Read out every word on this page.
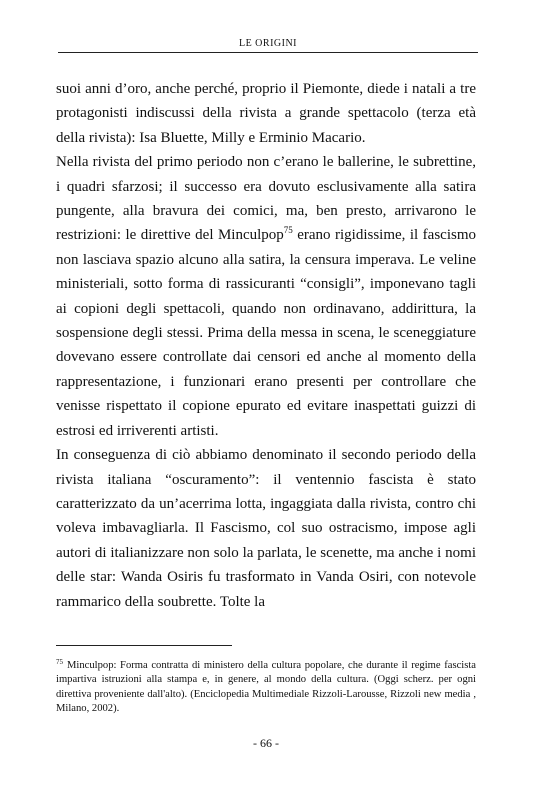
LE ORIGINI

suoi anni d’oro, anche perché, proprio il Piemonte, diede i natali a tre protagonisti indiscussi della rivista a grande spettacolo (terza età della rivista): Isa Bluette, Milly e Erminio Macario.

Nella rivista del primo periodo non c’erano le ballerine, le subrettine, i quadri sfarzosi; il successo era dovuto esclusivamente alla satira pungente, alla bravura dei comici, ma, ben presto, arrivarono le restrizioni: le direttive del Minculpop$^{75}$ erano rigidissime, il fascismo non lasciava spazio alcuno alla satira, la censura imperava. Le veline ministeriali, sotto forma di rassicuranti “consigli”, imponevano tagli ai copioni degli spettacoli, quando non ordinavano, addirittura, la sospensione degli stessi. Prima della messa in scena, le sceneggiature dovevano essere controllate dai censori ed anche al momento della rappresentazione, i funzionari erano presenti per controllare che venisse rispettato il copione epurato ed evitare inaspettati guizzi di estrosi ed irriverenti artisti.

In conseguenza di ciò abbiamo denominato il secondo periodo della rivista italiana “oscuramento”: il ventennio fascista è stato caratterizzato da un’acerrima lotta, ingaggiata dalla rivista, contro chi voleva imbavagliarla. Il Fascismo, col suo ostracismo, impose agli autori di italianizzare non solo la parlata, le scenette, ma anche i nomi delle star: Wanda Osiris fu trasformato in Vanda Osiri, con notevole rammarico della soubrette. Tolte la

$^{75}$ Minculpop: Forma contratta di ministero della cultura popolare, che durante il regime fascista impartiva istruzioni alla stampa e, in genere, al mondo della cultura. (Oggi scherz. per ogni direttiva proveniente dall'alto). (Enciclopedia Multimediale Rizzoli-Larousse, Rizzoli new media , Milano, 2002).
- 66 -
